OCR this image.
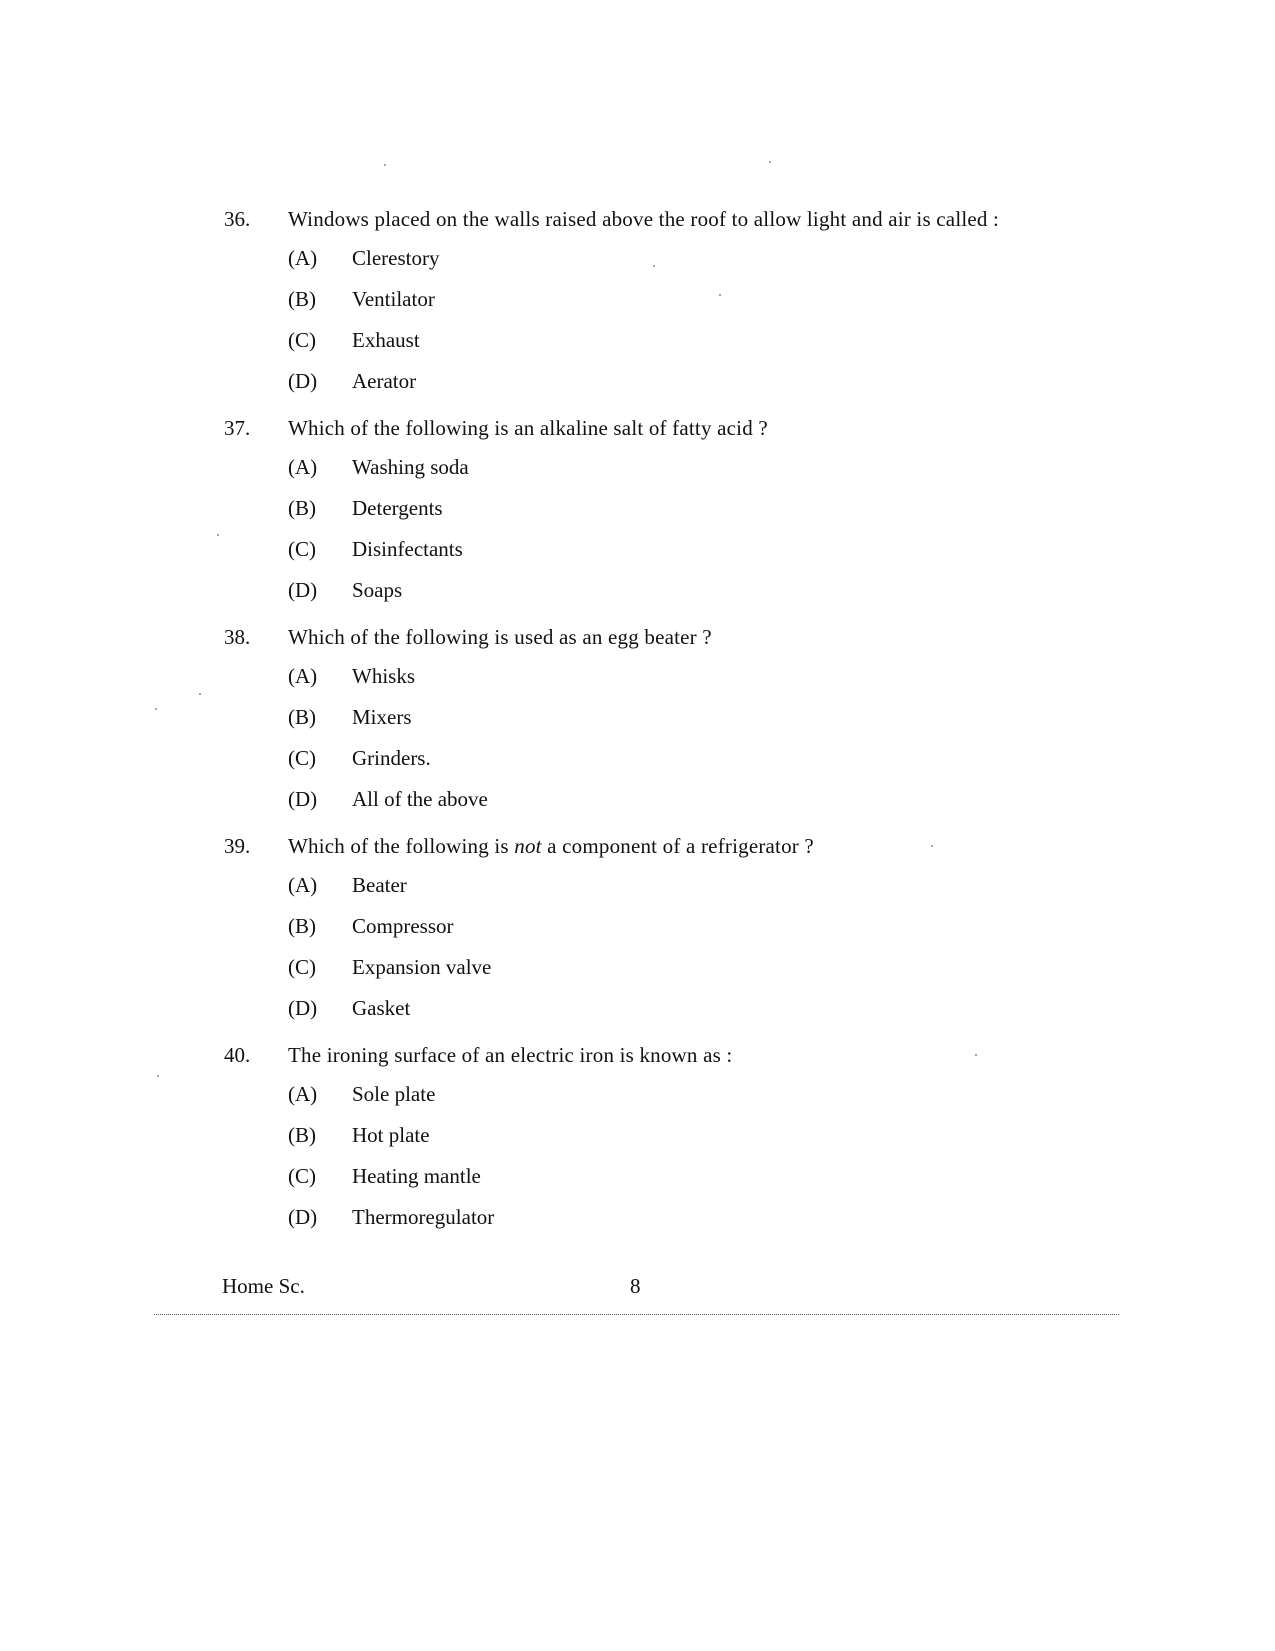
36.	Windows placed on the walls raised above the roof to allow light and air is called :
(A)	Clerestory
(B)	Ventilator
(C)	Exhaust
(D)	Aerator
37.	Which of the following is an alkaline salt of fatty acid ?
(A)	Washing soda
(B)	Detergents
(C)	Disinfectants
(D)	Soaps
38.	Which of the following is used as an egg beater ?
(A)	Whisks
(B)	Mixers
(C)	Grinders.
(D)	All of the above
39.	Which of the following is not a component of a refrigerator ?
(A)	Beater
(B)	Compressor
(C)	Expansion valve
(D)	Gasket
40.	The ironing surface of an electric iron is known as :
(A)	Sole plate
(B)	Hot plate
(C)	Heating mantle
(D)	Thermoregulator
Home Sc.	8
